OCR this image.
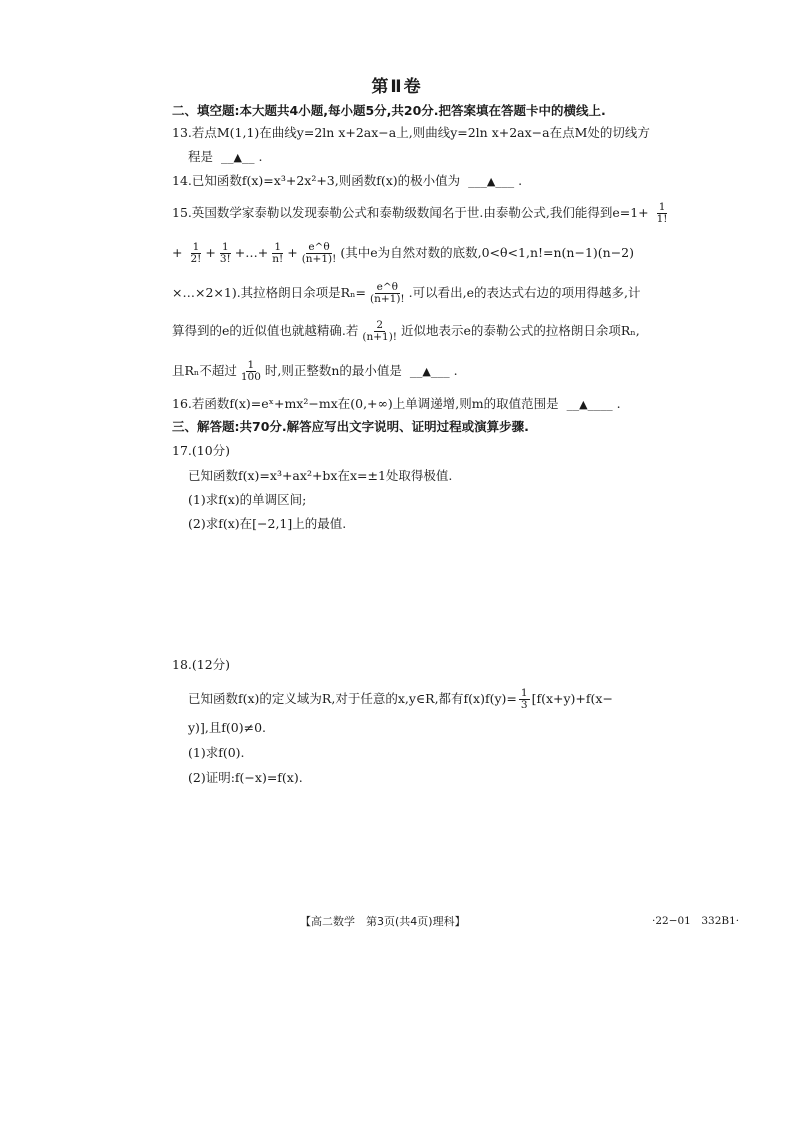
第Ⅱ卷
二、填空题:本大题共4小题,每小题5分,共20分.把答案填在答题卡中的横线上.
13.若点M(1,1)在曲线y=2ln x+2ax−a上,则曲线y=2ln x+2ax−a在点M处的切线方
程是 __▲__ .
14.已知函数f(x)=x³+2x²+3,则函数f(x)的极小值为 ___▲___ .
15.英国数学家泰勒以发现泰勒公式和泰勒级数闻名于世.由泰勒公式,我们能得到$e=1+ \frac{1}{1!}$
+ $\frac{1}{2!} + \frac{1}{3!}$ +…+ $\frac{1}{n!} + \frac{e\^{}\theta}{(n+1)!}$ (其中e为自然对数的底数,0<θ<1,n!=n(n−1)(n−2)
×…×2×1).其拉格朗日余项是$R_n= \frac{e\^{}\theta}{(n+1)!}$ .可以看出,e的表达式右边的项用得越多,计
算得到的e的近似值也就越精确.若 $\frac{2}{(n+1)!}$ 近似地表示e的泰勒公式的拉格朗日余项Rₙ,
且Rₙ不超过 $\frac{1}{100}$ 时,则正整数n的最小值是 __▲___ .
16.若函数f(x)=eˣ+mx²−mx在(0,+∞)上单调递增,则m的取值范围是 __▲____ .
三、解答题:共70分.解答应写出文字说明、证明过程或演算步骤.
17.(10分)
已知函数f(x)=x³+ax²+bx在x=±1处取得极值.
(1)求f(x)的单调区间;
(2)求f(x)在[−2,1]上的最值.
18.(12分)
已知函数f(x)的定义域为R,对于任意的x,y∈R,都有$f(x)f(y)= \frac{1}{3} [f(x+y)+f(x-$
y)],且f(0)≠0.
(1)求f(0).
(2)证明:f(−x)=f(x).
【高二数学　第3页(共4页)理科】	·22−01　332B1·
